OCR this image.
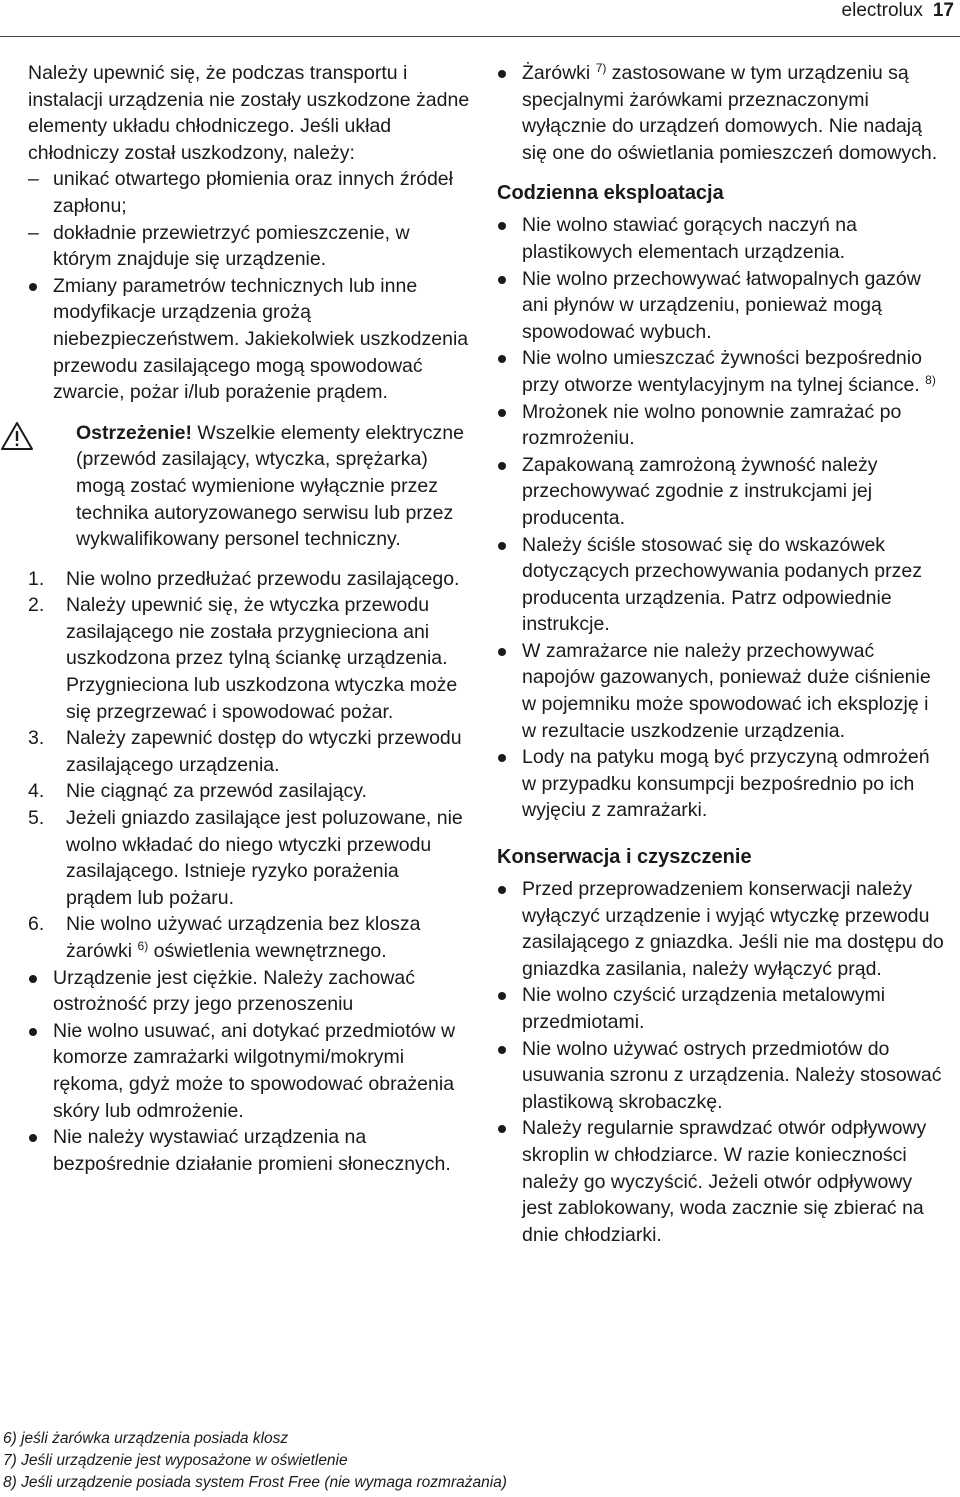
electrolux 17

Należy upewnić się, że podczas transportu i instalacji urządzenia nie zostały uszkodzone żadne elementy układu chłodniczego. Jeśli układ chłodniczy został uszkodzony, należy:

– unikać otwartego płomienia oraz innych źródeł zapłonu;
– dokładnie przewietrzyć pomieszczenie, w którym znajduje się urządzenie.
Zmiany parametrów technicznych lub inne modyfikacje urządzenia grożą niebezpieczeństwem. Jakiekolwiek uszkodzenia przewodu zasilającego mogą spowodować zwarcie, pożar i/lub porażenie prądem.
Ostrzeżenie! Wszelkie elementy elektryczne (przewód zasilający, wtyczka, sprężarka) mogą zostać wymienione wyłącznie przez technika autoryzowanego serwisu lub przez wykwalifikowany personel techniczny.
1. Nie wolno przedłużać przewodu zasilającego.
2. Należy upewnić się, że wtyczka przewodu zasilającego nie została przygnieciona ani uszkodzona przez tylną ściankę urządzenia. Przygnieciona lub uszkodzona wtyczka może się przegrzewać i spowodować pożar.
3. Należy zapewnić dostęp do wtyczki przewodu zasilającego urządzenia.
4. Nie ciągnąć za przewód zasilający.
5. Jeżeli gniazdo zasilające jest poluzowane, nie wolno wkładać do niego wtyczki przewodu zasilającego. Istnieje ryzyko porażenia prądem lub pożaru.
6. Nie wolno używać urządzenia bez klosza żarówki $^{6)}$ oświetlenia wewnętrznego.
Urządzenie jest ciężkie. Należy zachować ostrożność przy jego przenoszeniu
Nie wolno usuwać, ani dotykać przedmiotów w komorze zamrażarki wilgotnymi/mokrymi rękoma, gdyż może to spowodować obrażenia skóry lub odmrożenie.
Nie należy wystawiać urządzenia na bezpośrednie działanie promieni słonecznych.
Żarówki $^{7)}$ zastosowane w tym urządzeniu są specjalnymi żarówkami przeznaczonymi wyłącznie do urządzeń domowych. Nie nadają się one do oświetlania pomieszczeń domowych.
Codzienna eksploatacja
Nie wolno stawiać gorących naczyń na plastikowych elementach urządzenia.
Nie wolno przechowywać łatwopalnych gazów ani płynów w urządzeniu, ponieważ mogą spowodować wybuch.
Nie wolno umieszczać żywności bezpośrednio przy otworze wentylacyjnym na tylnej ściance. $^{8)}$
Mrożonek nie wolno ponownie zamrażać po rozmrożeniu.
Zapakowaną zamrożoną żywność należy przechowywać zgodnie z instrukcjami jej producenta.
Należy ściśle stosować się do wskazówek dotyczących przechowywania podanych przez producenta urządzenia. Patrz odpowiednie instrukcje.
W zamrażarce nie należy przechowywać napojów gazowanych, ponieważ duże ciśnienie w pojemniku może spowodować ich eksplozję i w rezultacie uszkodzenie urządzenia.
Lody na patyku mogą być przyczyną odmrożeń w przypadku konsumpcji bezpośrednio po ich wyjęciu z zamrażarki.
Konserwacja i czyszczenie
Przed przeprowadzeniem konserwacji należy wyłączyć urządzenie i wyjąć wtyczkę przewodu zasilającego z gniazdka. Jeśli nie ma dostępu do gniazdka zasilania, należy wyłączyć prąd.
Nie wolno czyścić urządzenia metalowymi przedmiotami.
Nie wolno używać ostrych przedmiotów do usuwania szronu z urządzenia. Należy stosować plastikową skrobaczkę.
Należy regularnie sprawdzać otwór odpływowy skroplin w chłodziarce. W razie konieczności należy go wyczyścić. Jeżeli otwór odpływowy jest zablokowany, woda zacznie się zbierać na dnie chłodziarki.
6) jeśli żarówka urządzenia posiada klosz
7) Jeśli urządzenie jest wyposażone w oświetlenie
8) Jeśli urządzenie posiada system Frost Free (nie wymaga rozmrażania)
